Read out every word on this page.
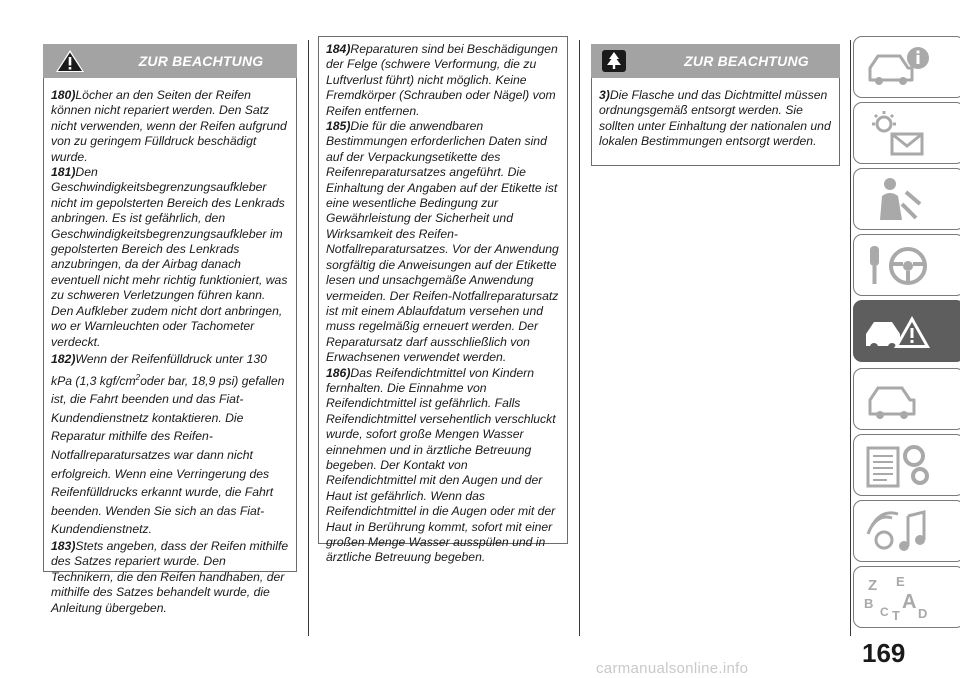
ZUR BEACHTUNG

180)Löcher an den Seiten der Reifen können nicht repariert werden. Den Satz nicht verwenden, wenn der Reifen aufgrund von zu geringem Fülldruck beschädigt wurde.

181)Den Geschwindigkeitsbegrenzungsaufkleber nicht im gepolsterten Bereich des Lenkrads anbringen. Es ist gefährlich, den Geschwindigkeitsbegrenzungsaufkleber im gepolsterten Bereich des Lenkrads anzubringen, da der Airbag danach eventuell nicht mehr richtig funktioniert, was zu schweren Verletzungen führen kann. Den Aufkleber zudem nicht dort anbringen, wo er Warnleuchten oder Tachometer verdeckt.

182)Wenn der Reifenfülldruck unter 130 kPa (1,3 kgf/$cm^2oder$ bar, 18,9 psi) gefallen ist, die Fahrt beenden und das Fiat-Kundendienstnetz kontaktieren. Die Reparatur mithilfe des Reifen-Notfallreparatursatzes war dann nicht erfolgreich. Wenn eine Verringerung des Reifenfülldrucks erkannt wurde, die Fahrt beenden. Wenden Sie sich an das Fiat-Kundendienstnetz.

183)Stets angeben, dass der Reifen mithilfe des Satzes repariert wurde. Den Technikern, die den Reifen handhaben, der mithilfe des Satzes behandelt wurde, die Anleitung übergeben.

184)Reparaturen sind bei Beschädigungen der Felge (schwere Verformung, die zu Luftverlust führt) nicht möglich. Keine Fremdkörper (Schrauben oder Nägel) vom Reifen entfernen.

185)Die für die anwendbaren Bestimmungen erforderlichen Daten sind auf der Verpackungsetikette des Reifenreparatursatzes angeführt. Die Einhaltung der Angaben auf der Etikette ist eine wesentliche Bedingung zur Gewährleistung der Sicherheit und Wirksamkeit des Reifen-Notfallreparatursatzes. Vor der Anwendung sorgfältig die Anweisungen auf der Etikette lesen und unsachgemäße Anwendung vermeiden. Der Reifen-Notfallreparatursatz ist mit einem Ablaufdatum versehen und muss regelmäßig erneuert werden. Der Reparatursatz darf ausschließlich von Erwachsenen verwendet werden.

186)Das Reifendichtmittel von Kindern fernhalten. Die Einnahme von Reifendichtmittel ist gefährlich. Falls Reifendichtmittel versehentlich verschluckt wurde, sofort große Mengen Wasser einnehmen und in ärztliche Betreuung begeben. Der Kontakt von Reifendichtmittel mit den Augen und der Haut ist gefährlich. Wenn das Reifendichtmittel in die Augen oder mit der Haut in Berührung kommt, sofort mit einer großen Menge Wasser ausspülen und in ärztliche Betreuung begeben.

ZUR BEACHTUNG

3)Die Flasche und das Dichtmittel müssen ordnungsgemäß entsorgt werden. Sie sollten unter Einhaltung der nationalen und lokalen Bestimmungen entsorgt werden.

Z E
B A
C T D
169
carmanualsonline.info
